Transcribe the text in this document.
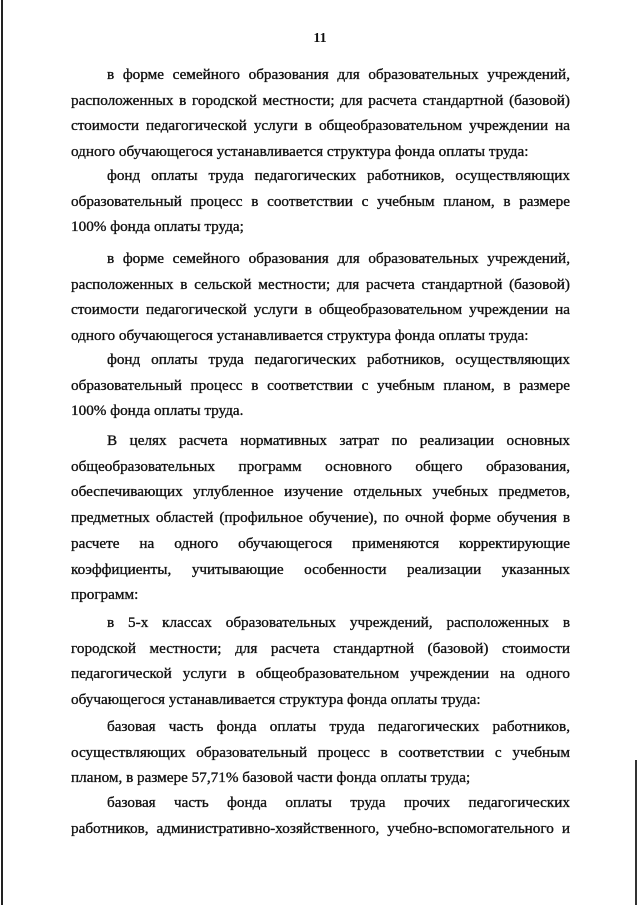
11
в форме семейного образования для образовательных учреждений,
расположенных в городской местности; для расчета стандартной (базовой)
стоимости педагогической услуги в общеобразовательном учреждении на
одного обучающегося устанавливается структура фонда оплаты труда:
фонд оплаты труда педагогических работников, осуществляющих
образовательный процесс в соответствии с учебным планом, в размере
100% фонда оплаты труда;
в форме семейного образования для образовательных учреждений,
расположенных в сельской местности; для расчета стандартной (базовой)
стоимости педагогической услуги в общеобразовательном учреждении на
одного обучающегося устанавливается структура фонда оплаты труда:
фонд оплаты труда педагогических работников, осуществляющих
образовательный процесс в соответствии с учебным планом, в размере
100% фонда оплаты труда.
В целях расчета нормативных затрат по реализации основных
общеобразовательных программ основного общего образования,
обеспечивающих углубленное изучение отдельных учебных предметов,
предметных областей (профильное обучение), по очной форме обучения в
расчете на одного обучающегося применяются корректирующие
коэффициенты, учитывающие особенности реализации указанных
программ:
в 5-х классах образовательных учреждений, расположенных в
городской местности; для расчета стандартной (базовой) стоимости
педагогической услуги в общеобразовательном учреждении на одного
обучающегося устанавливается структура фонда оплаты труда:
базовая часть фонда оплаты труда педагогических работников,
осуществляющих образовательный процесс в соответствии с учебным
планом, в размере 57,71% базовой части фонда оплаты труда;
базовая часть фонда оплаты труда прочих педагогических
работников, административно-хозяйственного, учебно-вспомогательного и
